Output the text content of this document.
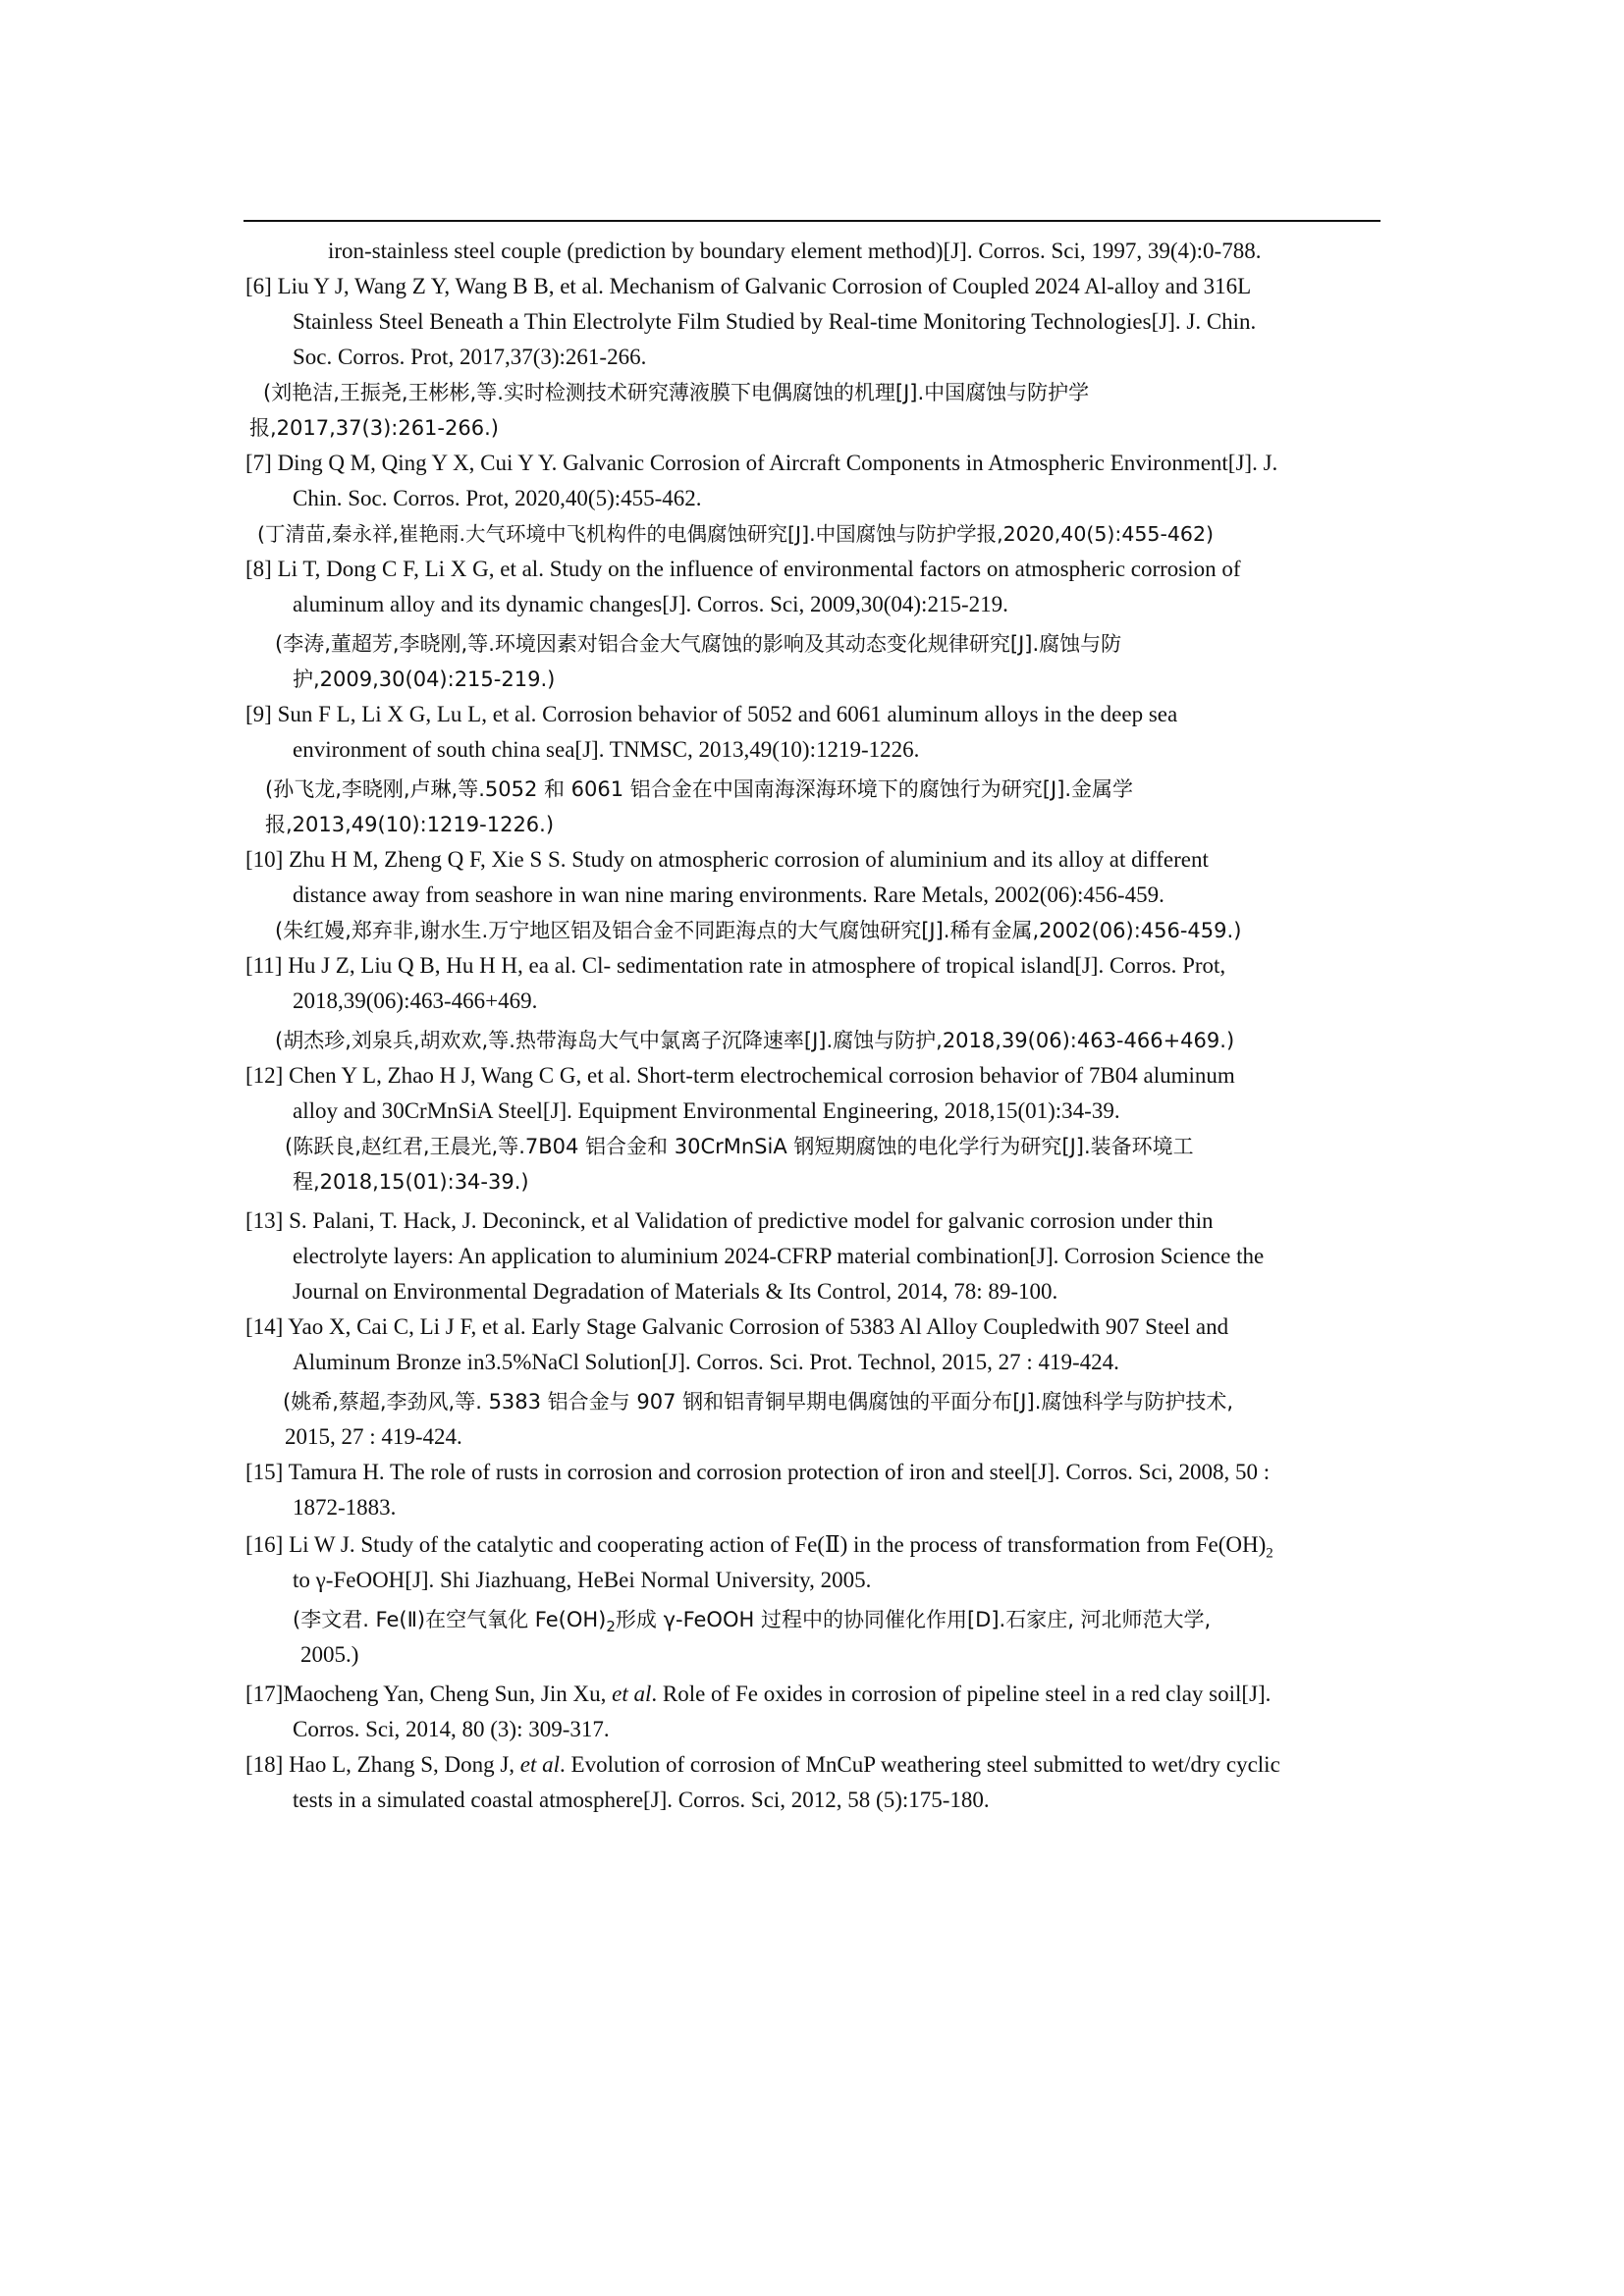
iron-stainless steel couple (prediction by boundary element method)[J]. Corros. Sci, 1997, 39(4):0-788.
[6] Liu Y J, Wang Z Y, Wang B B, et al. Mechanism of Galvanic Corrosion of Coupled 2024 Al-alloy and 316L
Stainless Steel Beneath a Thin Electrolyte Film Studied by Real-time Monitoring Technologies[J]. J. Chin.
Soc. Corros. Prot, 2017,37(3):261-266.
(刘艳洁,王振尧,王彬彬,等.实时检测技术研究薄液膜下电偶腐蚀的机理[J].中国腐蚀与防护学
报,2017,37(3):261-266.)
[7] Ding Q M, Qing Y X, Cui Y Y. Galvanic Corrosion of Aircraft Components in Atmospheric Environment[J]. J.
Chin. Soc. Corros. Prot, 2020,40(5):455-462.
(丁清苗,秦永祥,崔艳雨.大气环境中飞机构件的电偶腐蚀研究[J].中国腐蚀与防护学报,2020,40(5):455-462)
[8] Li T, Dong C F, Li X G, et al. Study on the influence of environmental factors on atmospheric corrosion of
aluminum alloy and its dynamic changes[J]. Corros. Sci, 2009,30(04):215-219.
(李涛,董超芳,李晓刚,等.环境因素对铝合金大气腐蚀的影响及其动态变化规律研究[J].腐蚀与防
护,2009,30(04):215-219.)
[9] Sun F L, Li X G, Lu L, et al. Corrosion behavior of 5052 and 6061 aluminum alloys in the deep sea
environment of south china sea[J]. TNMSC, 2013,49(10):1219-1226.
(孙飞龙,李晓刚,卢琳,等.5052 和 6061 铝合金在中国南海深海环境下的腐蚀行为研究[J].金属学
报,2013,49(10):1219-1226.)
[10] Zhu H M, Zheng Q F, Xie S S. Study on atmospheric corrosion of aluminium and its alloy at different
distance away from seashore in wan nine maring environments. Rare Metals, 2002(06):456-459.
(朱红嫚,郑弃非,谢水生.万宁地区铝及铝合金不同距海点的大气腐蚀研究[J].稀有金属,2002(06):456-459.)
[11] Hu J Z, Liu Q B, Hu H H, ea al. Cl- sedimentation rate in atmosphere of tropical island[J]. Corros. Prot,
2018,39(06):463-466+469.
(胡杰珍,刘泉兵,胡欢欢,等.热带海岛大气中氯离子沉降速率[J].腐蚀与防护,2018,39(06):463-466+469.)
[12] Chen Y L, Zhao H J, Wang C G, et al. Short-term electrochemical corrosion behavior of 7B04 aluminum
alloy and 30CrMnSiA Steel[J]. Equipment Environmental Engineering, 2018,15(01):34-39.
(陈跃良,赵红君,王晨光,等.7B04 铝合金和 30CrMnSiA 钢短期腐蚀的电化学行为研究[J].装备环境工
程,2018,15(01):34-39.)
[13] S. Palani, T. Hack, J. Deconinck, et al Validation of predictive model for galvanic corrosion under thin
electrolyte layers: An application to aluminium 2024-CFRP material combination[J]. Corrosion Science the
Journal on Environmental Degradation of Materials & Its Control, 2014, 78: 89-100.
[14] Yao X, Cai C, Li J F, et al. Early Stage Galvanic Corrosion of 5383 Al Alloy Coupledwith 907 Steel and
Aluminum Bronze in3.5%NaCl Solution[J]. Corros. Sci. Prot. Technol, 2015, 27 : 419-424.
(姚希,蔡超,李劲风,等. 5383 铝合金与 907 钢和铝青铜早期电偶腐蚀的平面分布[J].腐蚀科学与防护技术,
2015, 27 : 419-424.
[15] Tamura H. The role of rusts in corrosion and corrosion protection of iron and steel[J]. Corros. Sci, 2008, 50 :
1872-1883.
[16] Li W J. Study of the catalytic and cooperating action of Fe(Ⅱ) in the process of transformation from $Fe(OH)_2$
to γ-FeOOH[J]. Shi Jiazhuang, HeBei Normal University, 2005.
(李文君. Fe(Ⅱ)在空气氧化 $Fe(OH)_2$形成 γ-FeOOH 过程中的协同催化作用[D].石家庄, 河北师范大学,
2005.)
[17]Maocheng Yan, Cheng Sun, Jin Xu, et al. Role of Fe oxides in corrosion of pipeline steel in a red clay soil[J].
Corros. Sci, 2014, 80 (3): 309-317.
[18] Hao L, Zhang S, Dong J, et al. Evolution of corrosion of MnCuP weathering steel submitted to wet/dry cyclic
tests in a simulated coastal atmosphere[J]. Corros. Sci, 2012, 58 (5):175-180.
